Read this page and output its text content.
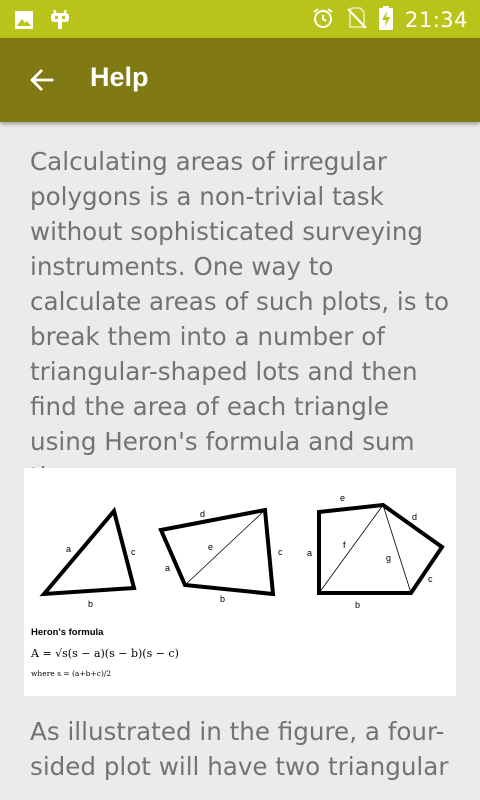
21:34
Help

Calculating areas of irregular polygons is a non-trivial task without sophisticated surveying instruments. One way to calculate areas of such plots, is to break them into a number of triangular-shaped lots and then find the area of each triangle using Heron's formula and sum

a
b
c
a
b
c
d
e
a
b
c
d
e
f
g
Heron's formula
A = √s(s − a)(s − b)(s − c)
where s = (a+b+c)/2

As illustrated in the figure, a four-sided plot will have two triangular
